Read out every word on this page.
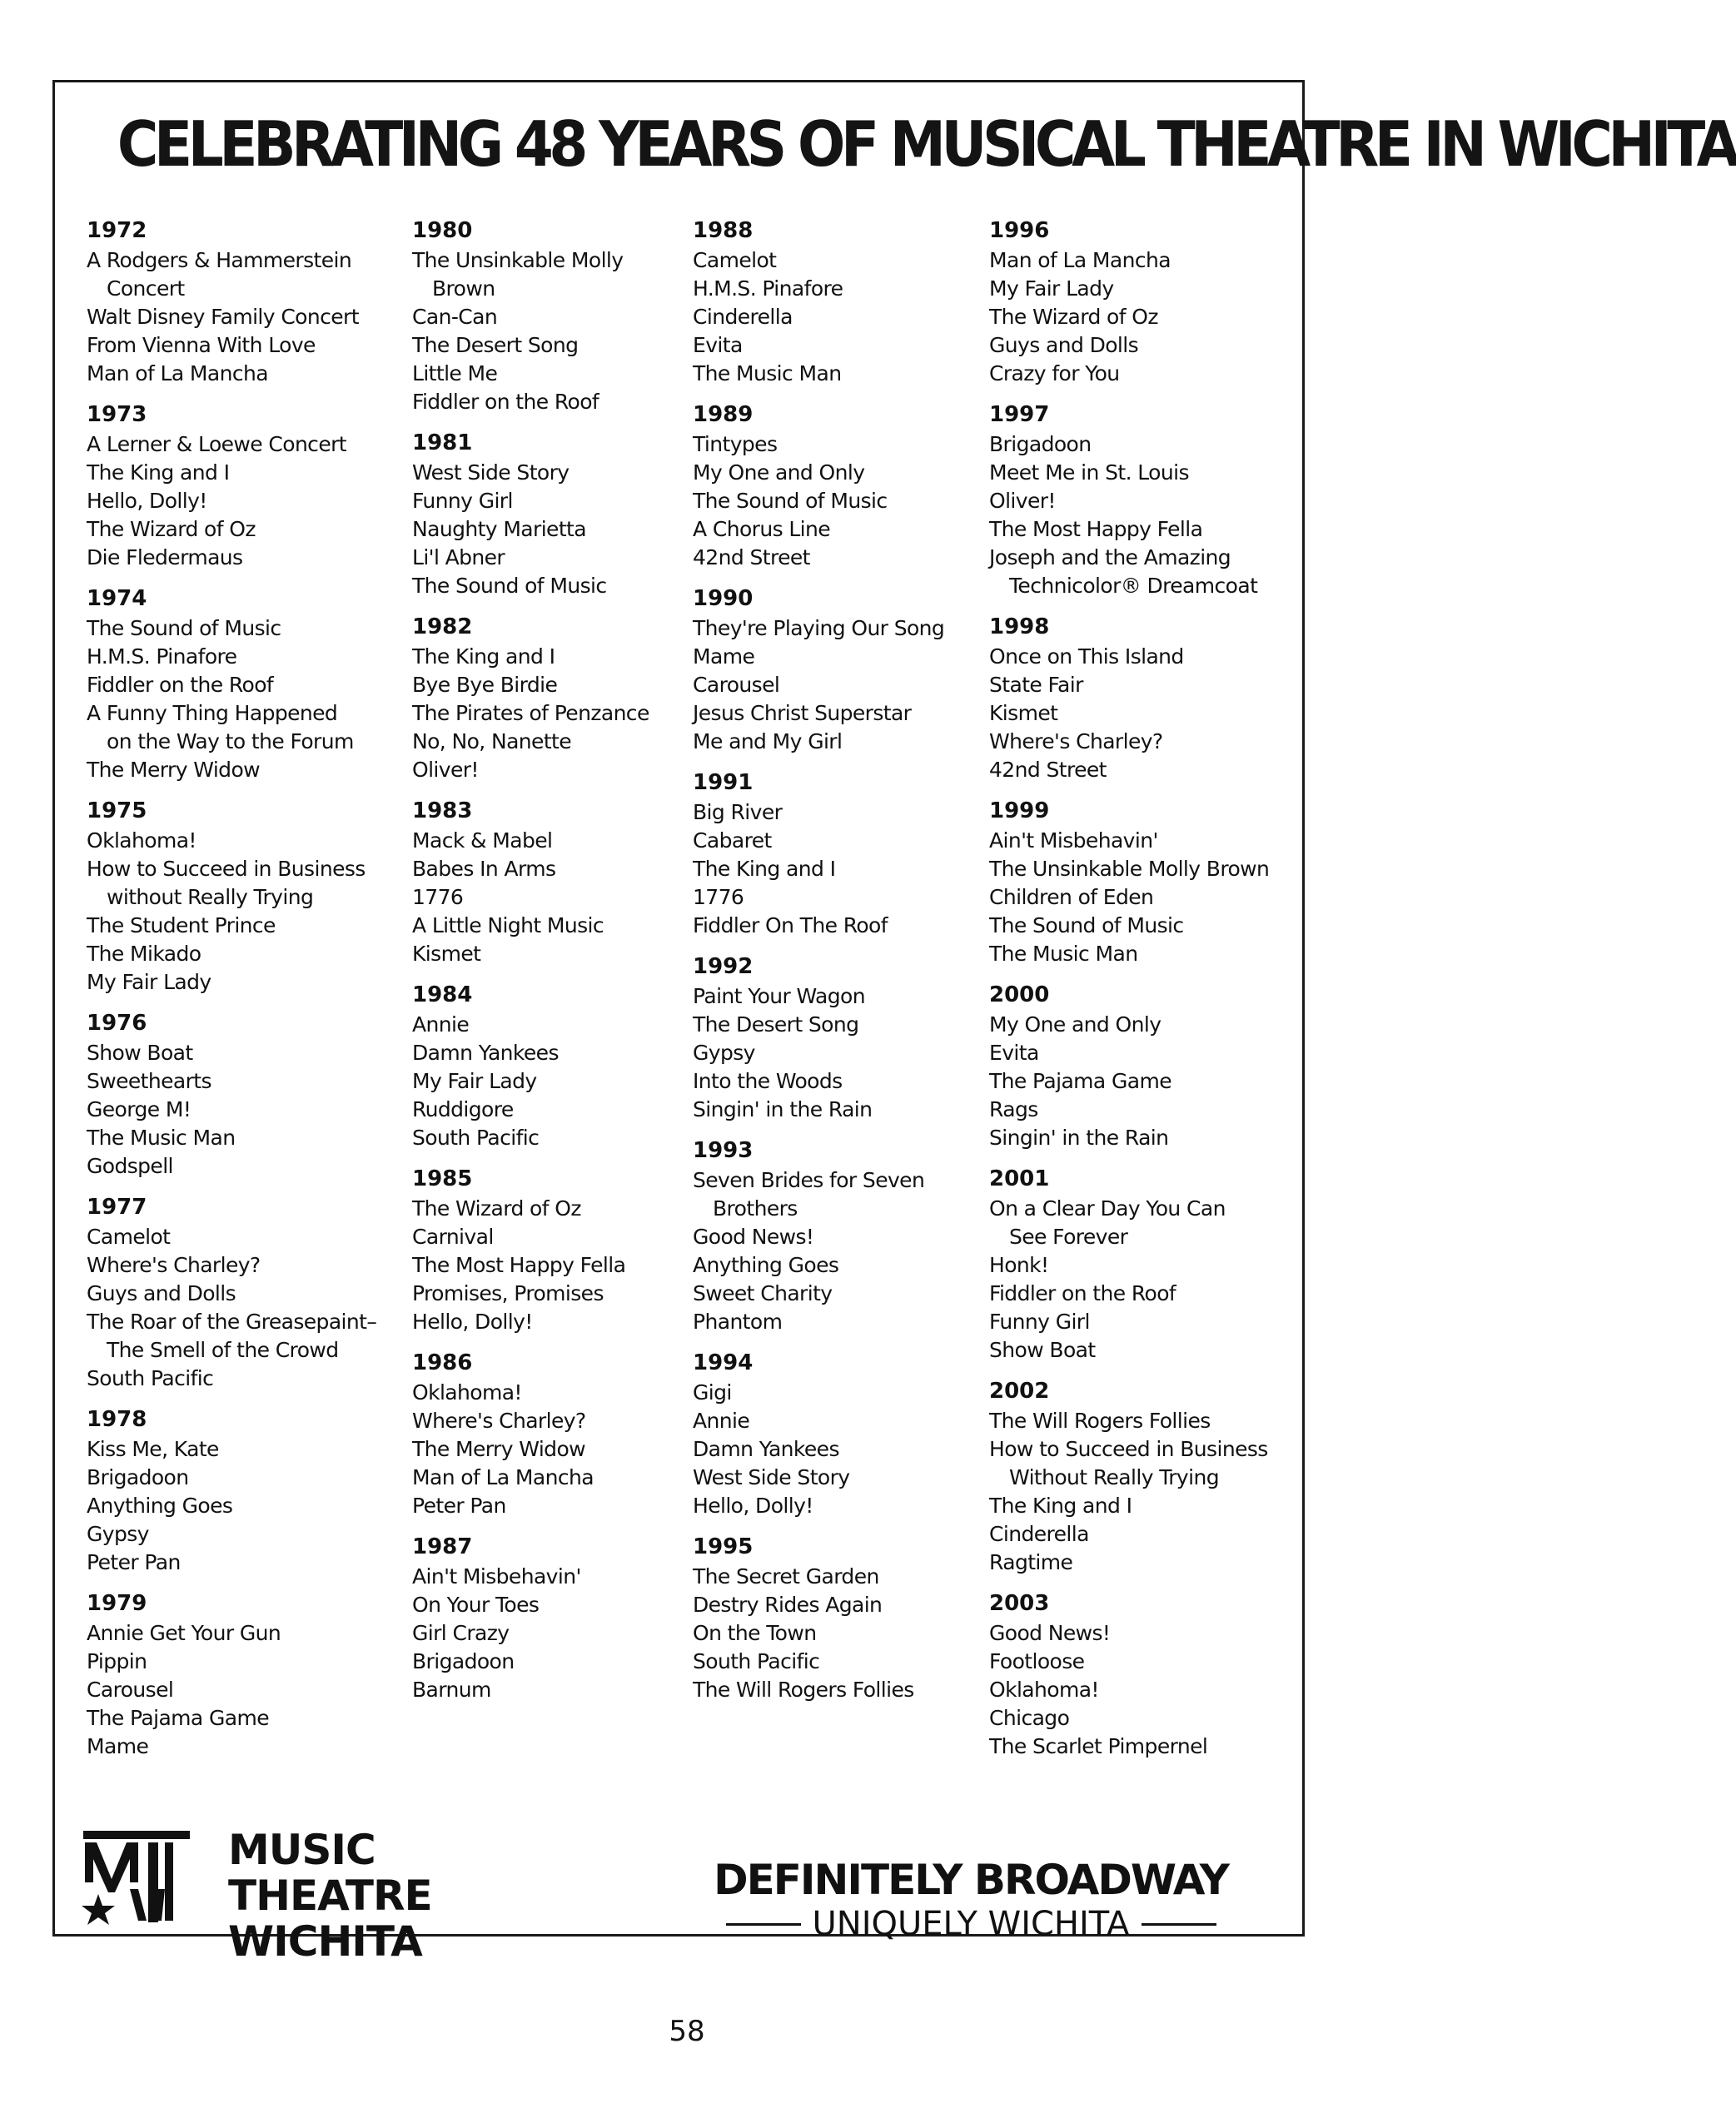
CELEBRATING 48 YEARS OF MUSICAL THEATRE IN WICHITA
1972
A Rodgers & Hammerstein
Concert
Walt Disney Family Concert
From Vienna With Love
Man of La Mancha
1973
A Lerner & Loewe Concert
The King and I
Hello, Dolly!
The Wizard of Oz
Die Fledermaus
1974
The Sound of Music
H.M.S. Pinafore
Fiddler on the Roof
A Funny Thing Happened
on the Way to the Forum
The Merry Widow
1975
Oklahoma!
How to Succeed in Business
without Really Trying
The Student Prince
The Mikado
My Fair Lady
1976
Show Boat
Sweethearts
George M!
The Music Man
Godspell
1977
Camelot
Where's Charley?
Guys and Dolls
The Roar of the Greasepaint–
The Smell of the Crowd
South Pacific
1978
Kiss Me, Kate
Brigadoon
Anything Goes
Gypsy
Peter Pan
1979
Annie Get Your Gun
Pippin
Carousel
The Pajama Game
Mame
1980
The Unsinkable Molly
Brown
Can-Can
The Desert Song
Little Me
Fiddler on the Roof
1981
West Side Story
Funny Girl
Naughty Marietta
Li'l Abner
The Sound of Music
1982
The King and I
Bye Bye Birdie
The Pirates of Penzance
No, No, Nanette
Oliver!
1983
Mack & Mabel
Babes In Arms
1776
A Little Night Music
Kismet
1984
Annie
Damn Yankees
My Fair Lady
Ruddigore
South Pacific
1985
The Wizard of Oz
Carnival
The Most Happy Fella
Promises, Promises
Hello, Dolly!
1986
Oklahoma!
Where's Charley?
The Merry Widow
Man of La Mancha
Peter Pan
1987
Ain't Misbehavin'
On Your Toes
Girl Crazy
Brigadoon
Barnum
1988
Camelot
H.M.S. Pinafore
Cinderella
Evita
The Music Man
1989
Tintypes
My One and Only
The Sound of Music
A Chorus Line
42nd Street
1990
They're Playing Our Song
Mame
Carousel
Jesus Christ Superstar
Me and My Girl
1991
Big River
Cabaret
The King and I
1776
Fiddler On The Roof
1992
Paint Your Wagon
The Desert Song
Gypsy
Into the Woods
Singin' in the Rain
1993
Seven Brides for Seven
Brothers
Good News!
Anything Goes
Sweet Charity
Phantom
1994
Gigi
Annie
Damn Yankees
West Side Story
Hello, Dolly!
1995
The Secret Garden
Destry Rides Again
On the Town
South Pacific
The Will Rogers Follies
1996
Man of La Mancha
My Fair Lady
The Wizard of Oz
Guys and Dolls
Crazy for You
1997
Brigadoon
Meet Me in St. Louis
Oliver!
The Most Happy Fella
Joseph and the Amazing
Technicolor® Dreamcoat
1998
Once on This Island
State Fair
Kismet
Where's Charley?
42nd Street
1999
Ain't Misbehavin'
The Unsinkable Molly Brown
Children of Eden
The Sound of Music
The Music Man
2000
My One and Only
Evita
The Pajama Game
Rags
Singin' in the Rain
2001
On a Clear Day You Can
See Forever
Honk!
Fiddler on the Roof
Funny Girl
Show Boat
2002
The Will Rogers Follies
How to Succeed in Business
Without Really Trying
The King and I
Cinderella
Ragtime
2003
Good News!
Footloose
Oklahoma!
Chicago
The Scarlet Pimpernel
MUSIC
THEATRE
WICHITA
DEFINITELY BROADWAY
UNIQUELY WICHITA
58
